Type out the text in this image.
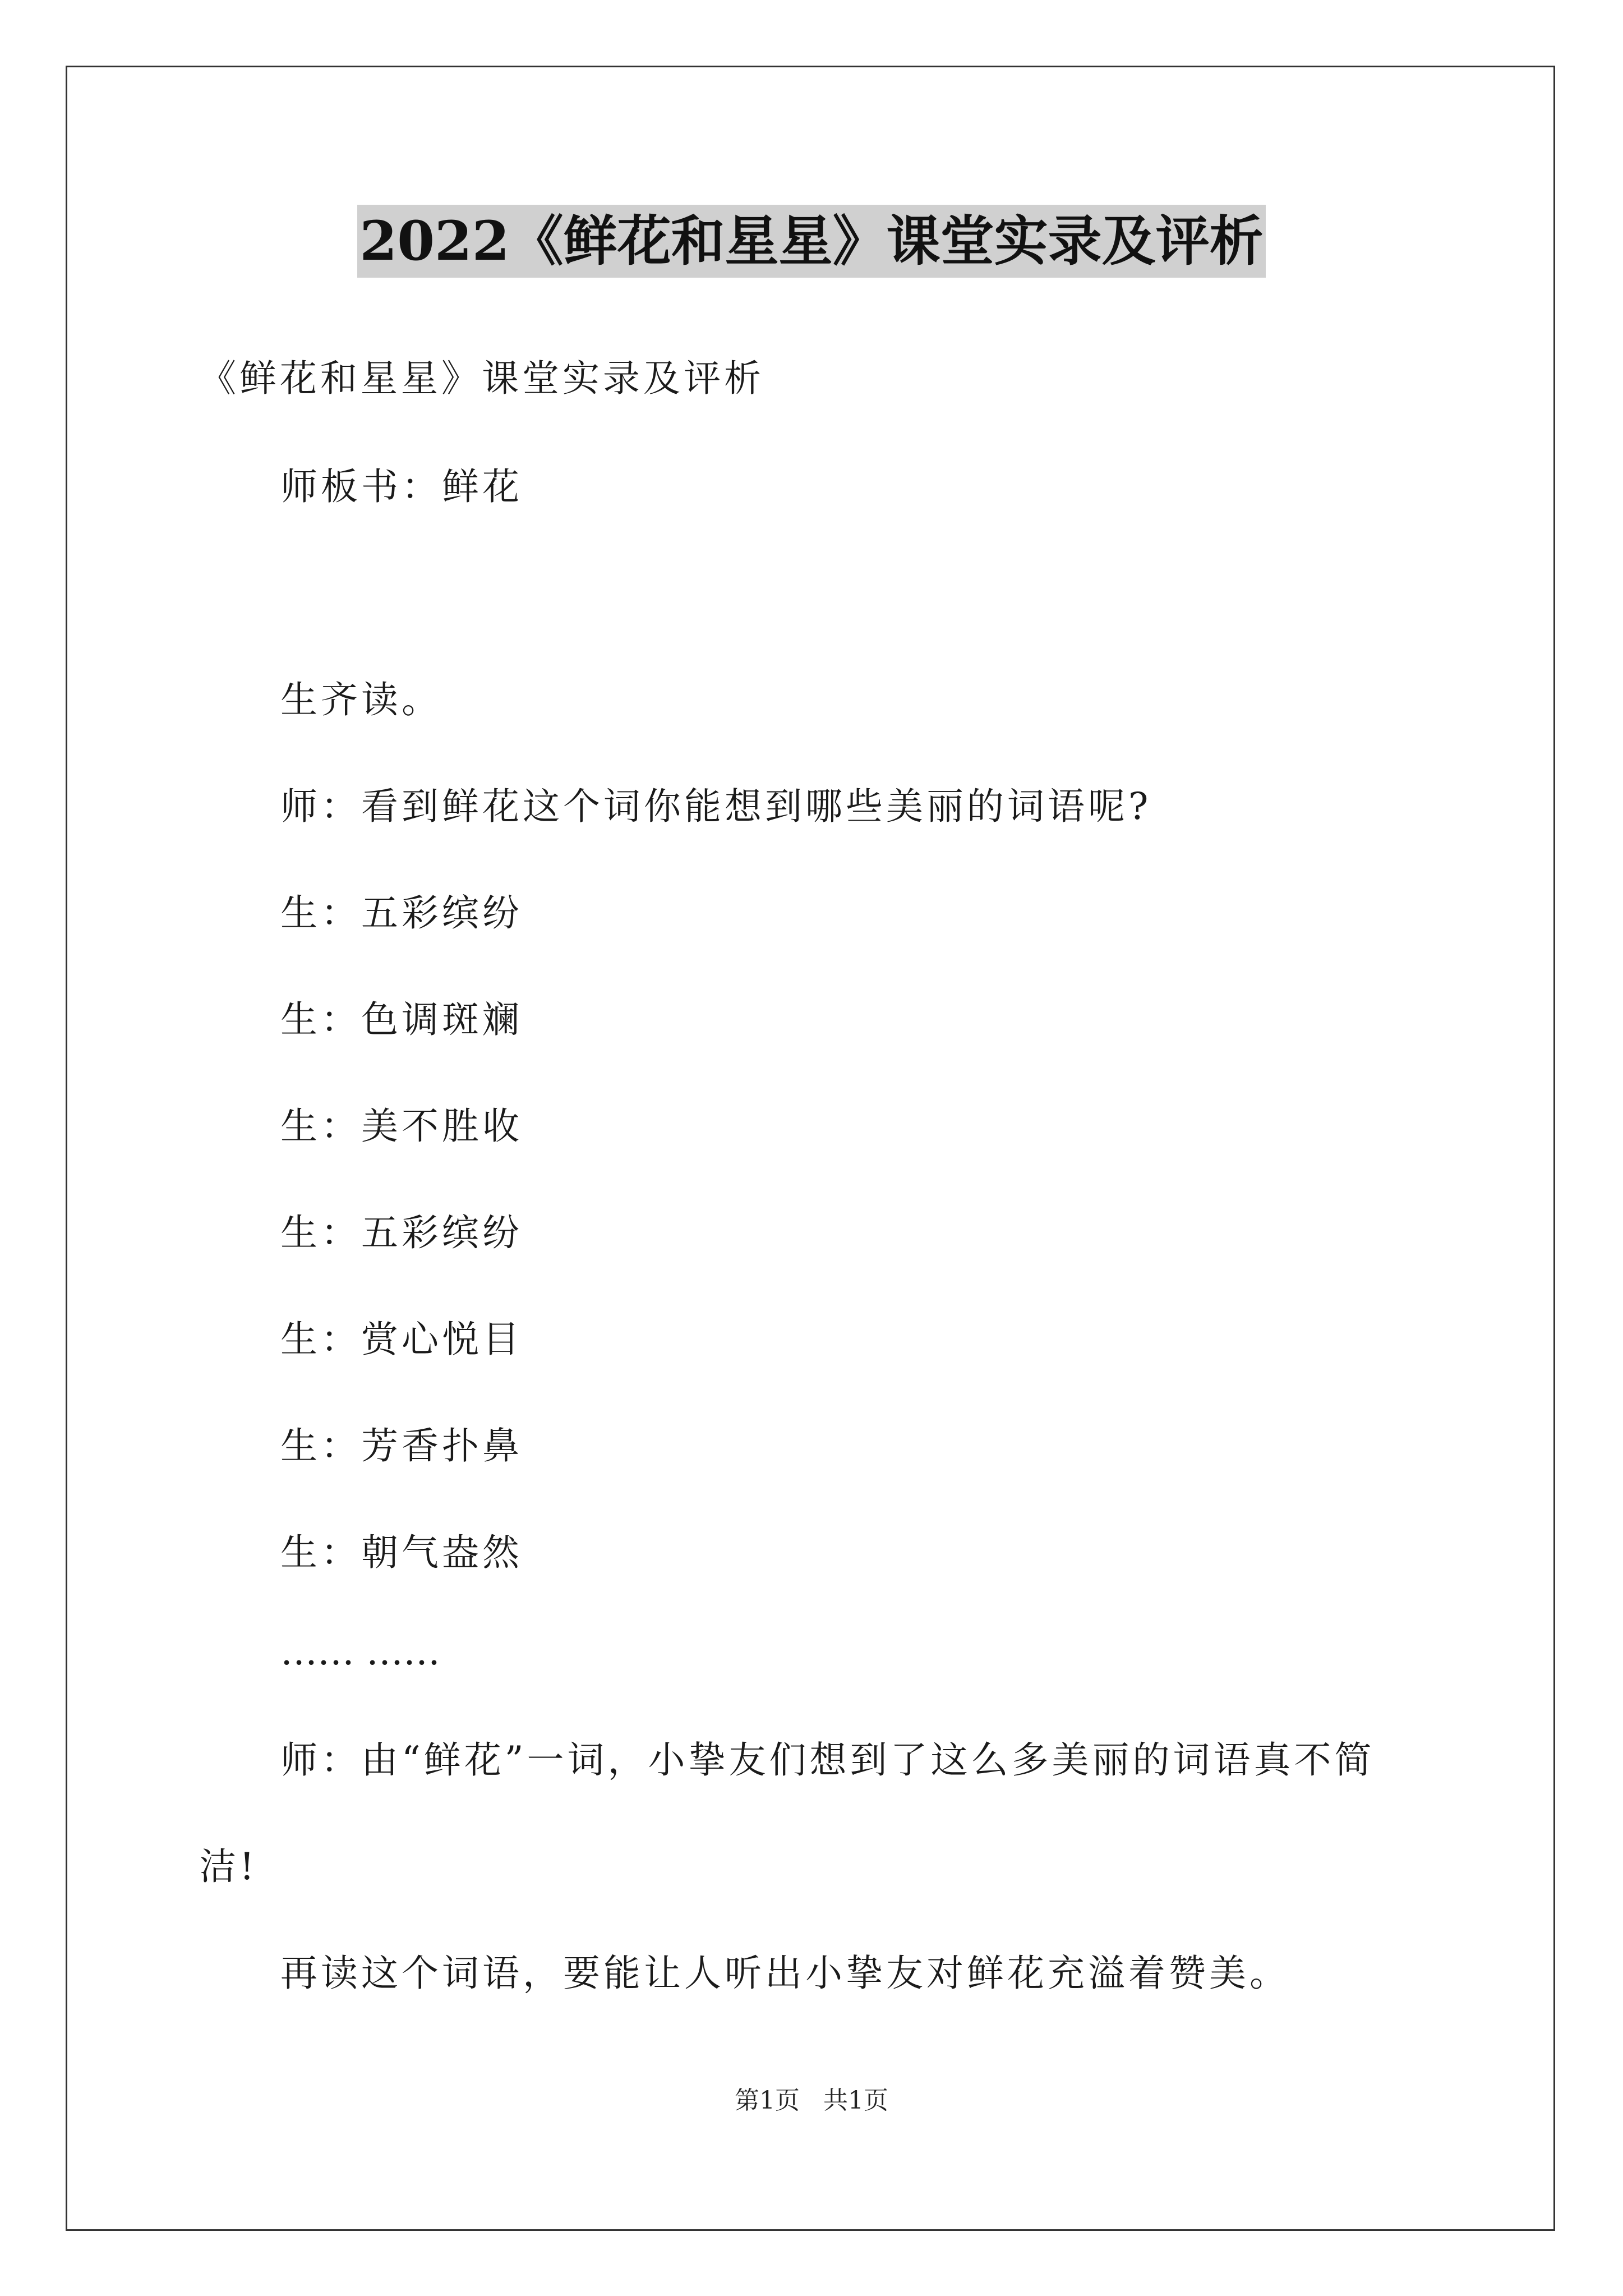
2022《鲜花和星星》课堂实录及评析
《鲜花和星星》课堂实录及评析
师板书：鲜花
生齐读。
师：看到鲜花这个词你能想到哪些美丽的词语呢?
生：五彩缤纷
生：色调斑斓
生：美不胜收
生：五彩缤纷
生：赏心悦目
生：芳香扑鼻
生：朝气盎然
…… ……
师：由“鲜花”一词，小挚友们想到了这么多美丽的词语真不简
洁!
再读这个词语，要能让人听出小挚友对鲜花充溢着赞美。
第1页 共1页
